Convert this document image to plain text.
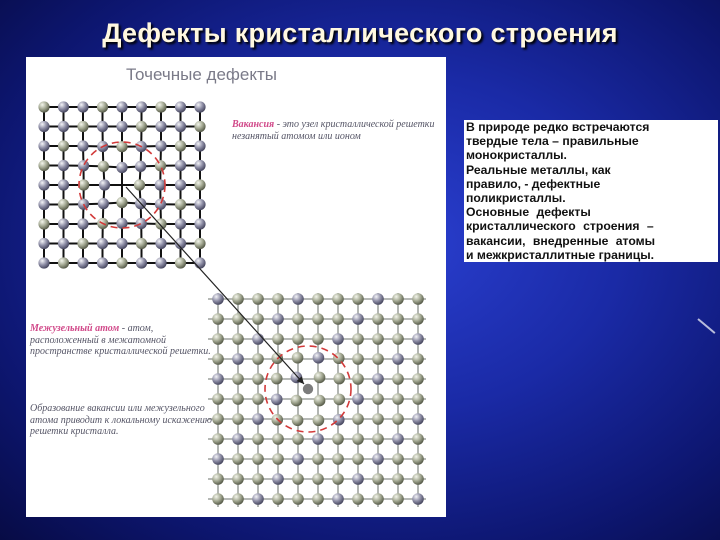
Дефекты кристаллического строения
Точечные дефекты
Вакансия - это узел кристаллической решетки незанятый атомом или ионом
Межузельный атом - атом, расположенный в межатомной пространстве кристаллической решетки.
Образование вакансии или межузельного атома приводит к локальному искажению решетки кристалла.

В природе редко встречаются

твердые тела – правильные

монокристаллы.

Реальные металлы, как

правило, - дефектные

поликристаллы.

Основные дефекты

кристаллического строения –

вакансии, внедренные атомы

и межкристаллитные границы.
